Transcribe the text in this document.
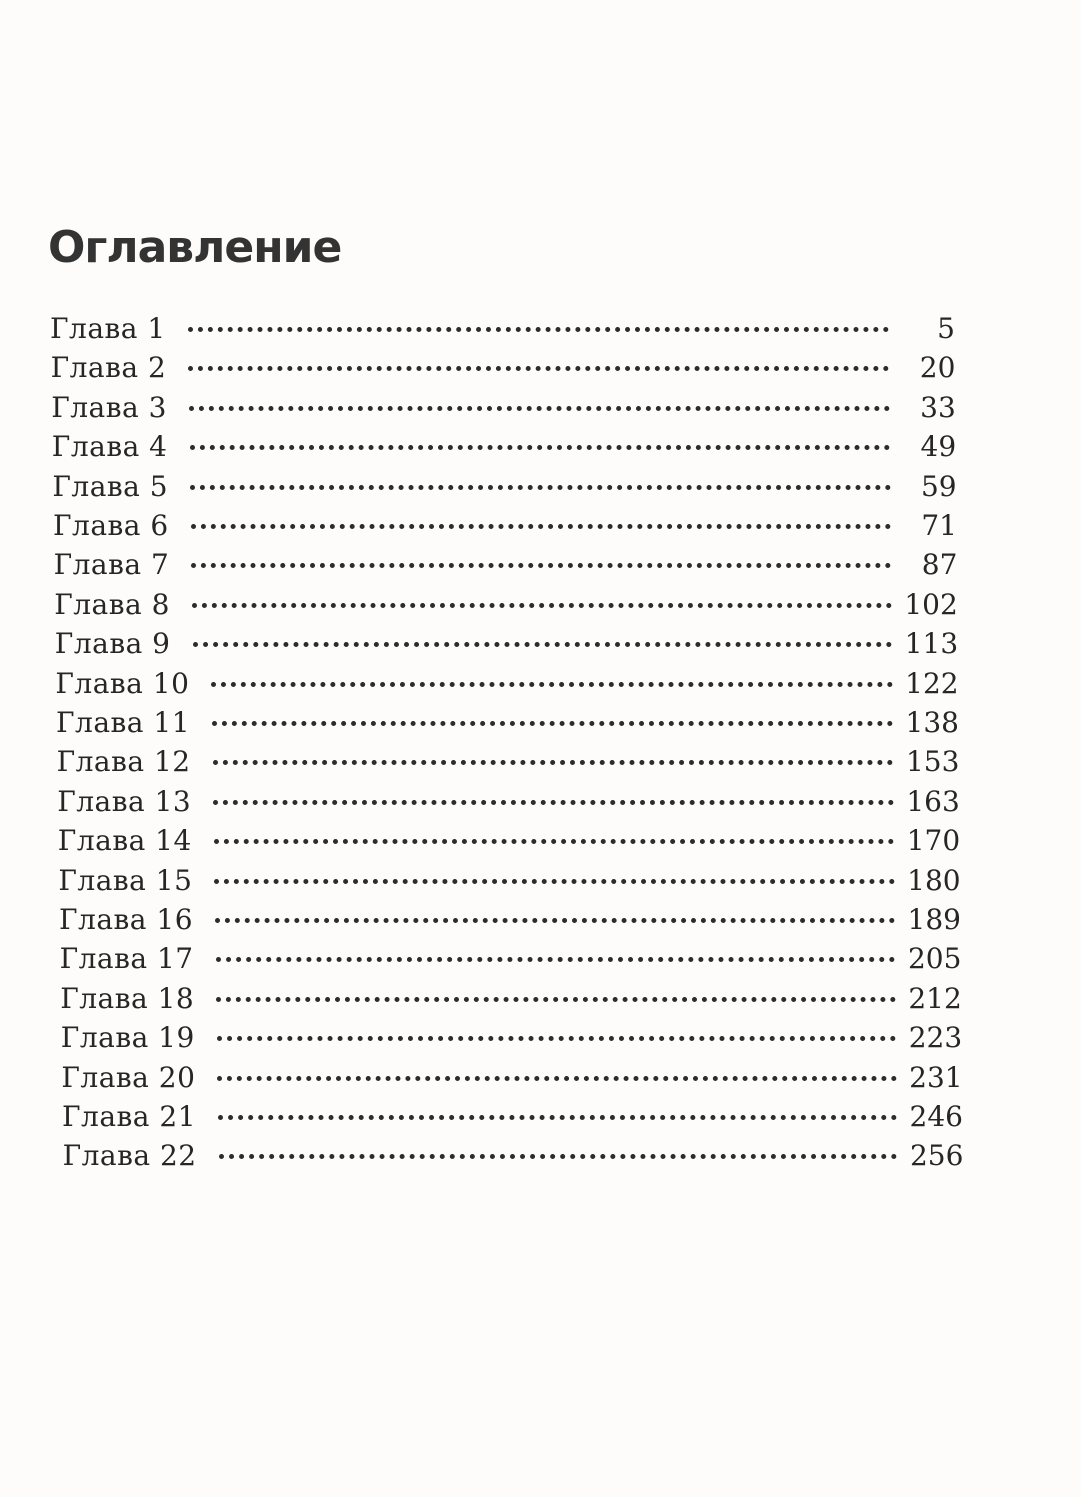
Оглавление
Глава 1	5
Глава 2	20
Глава 3	33
Глава 4	49
Глава 5	59
Глава 6	71
Глава 7	87
Глава 8	102
Глава 9	113
Глава 10	122
Глава 11	138
Глава 12	153
Глава 13	163
Глава 14	170
Глава 15	180
Глава 16	189
Глава 17	205
Глава 18	212
Глава 19	223
Глава 20	231
Глава 21	246
Глава 22	256
